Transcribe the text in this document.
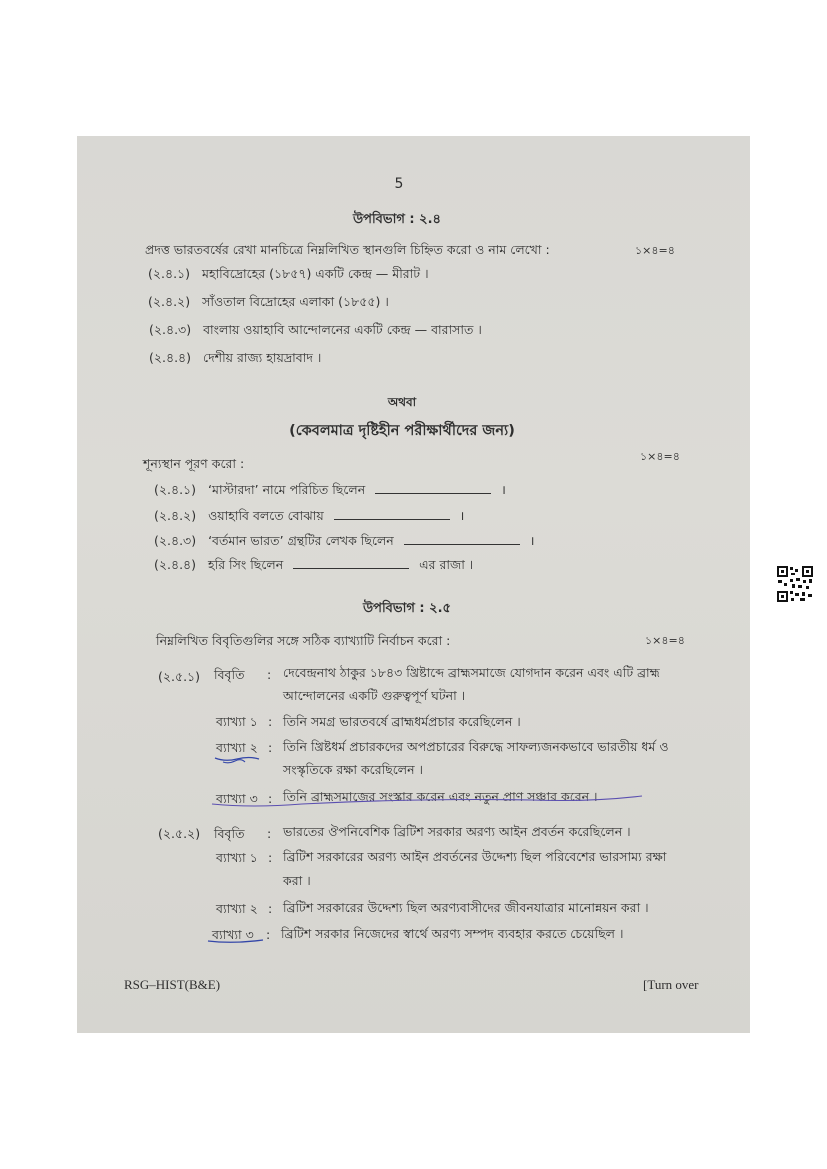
5
উপবিভাগ : ২.৪
প্রদত্ত ভারতবর্ষের রেখা মানচিত্রে নিম্নলিখিত স্থানগুলি চিহ্নিত করো ও নাম লেখো :	১×৪=৪
(২.৪.১) মহাবিদ্রোহের (১৮৫৭) একটি কেন্দ্র — মীরাট ।
(২.৪.২) সাঁওতাল বিদ্রোহের এলাকা (১৮৫৫) ।
(২.৪.৩) বাংলায় ওয়াহাবি আন্দোলনের একটি কেন্দ্র — বারাসাত ।
(২.৪.৪) দেশীয় রাজ্য হায়দ্রাবাদ ।
অথবা
(কেবলমাত্র দৃষ্টিহীন পরীক্ষার্থীদের জন্য)
শূন্যস্থান পূরণ করো :	১×৪=৪
(২.৪.১) ‘মাস্টারদা’ নামে পরিচিত ছিলেন	।
(২.৪.২) ওয়াহাবি বলতে বোঝায়	।
(২.৪.৩) ‘বর্তমান ভারত’ গ্রন্থটির লেখক ছিলেন	।
(২.৪.৪) হরি সিং ছিলেন	এর রাজা ।
উপবিভাগ : ২.৫
নিম্নলিখিত বিবৃতিগুলির সঙ্গে সঠিক ব্যাখ্যাটি নির্বাচন করো :	১×৪=৪
(২.৫.১) বিবৃতি : দেবেন্দ্রনাথ ঠাকুর ১৮৪৩ খ্রিষ্টাব্দে ব্রাহ্মসমাজে যোগদান করেন এবং এটি ব্রাহ্ম
আন্দোলনের একটি গুরুত্বপূর্ণ ঘটনা ।
ব্যাখ্যা ১ : তিনি সমগ্র ভারতবর্ষে ব্রাহ্মধর্মপ্রচার করেছিলেন ।
ব্যাখ্যা ২ : তিনি খ্রিষ্টধর্ম প্রচারকদের অপপ্রচারের বিরুদ্ধে সাফল্যজনকভাবে ভারতীয় ধর্ম ও
সংস্কৃতিকে রক্ষা করেছিলেন ।
ব্যাখ্যা ৩ : তিনি ব্রাহ্মসমাজের সংস্কার করেন এবং নতুন প্রাণ সঞ্চার করেন ।
(২.৫.২) বিবৃতি : ভারতের ঔপনিবেশিক ব্রিটিশ সরকার অরণ্য আইন প্রবর্তন করেছিলেন ।
ব্যাখ্যা ১ : ব্রিটিশ সরকারের অরণ্য আইন প্রবর্তনের উদ্দেশ্য ছিল পরিবেশের ভারসাম্য রক্ষা
করা ।
ব্যাখ্যা ২ : ব্রিটিশ সরকারের উদ্দেশ্য ছিল অরণ্যবাসীদের জীবনযাত্রার মানোন্নয়ন করা ।
ব্যাখ্যা ৩ : ব্রিটিশ সরকার নিজেদের স্বার্থে অরণ্য সম্পদ ব্যবহার করতে চেয়েছিল ।
RSG–HIST(B&E)	[Turn over
